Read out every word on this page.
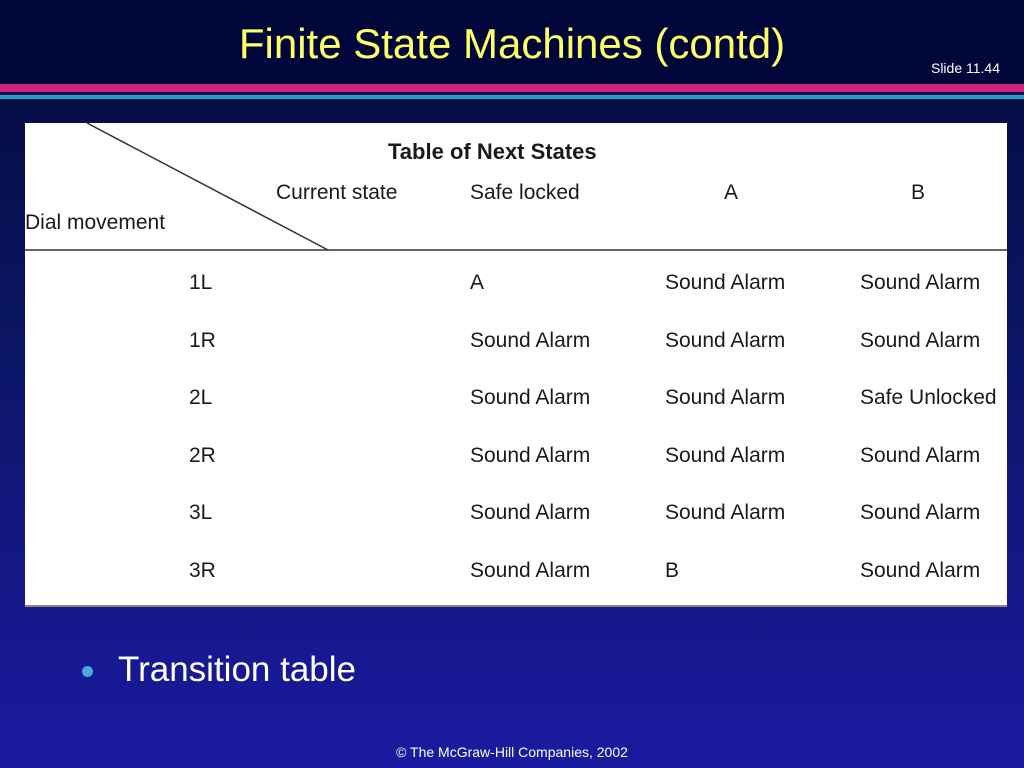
Finite State Machines (contd)
Slide 11.44
Table of Next States
Current state
Dial movement
Safe locked	A	B
1L	A	Sound Alarm	Sound Alarm
1R	Sound Alarm	Sound Alarm	Sound Alarm
2L	Sound Alarm	Sound Alarm	Safe Unlocked
2R	Sound Alarm	Sound Alarm	Sound Alarm
3L	Sound Alarm	Sound Alarm	Sound Alarm
3R	Sound Alarm	B	Sound Alarm
Transition table
© The McGraw-Hill Companies, 2002
